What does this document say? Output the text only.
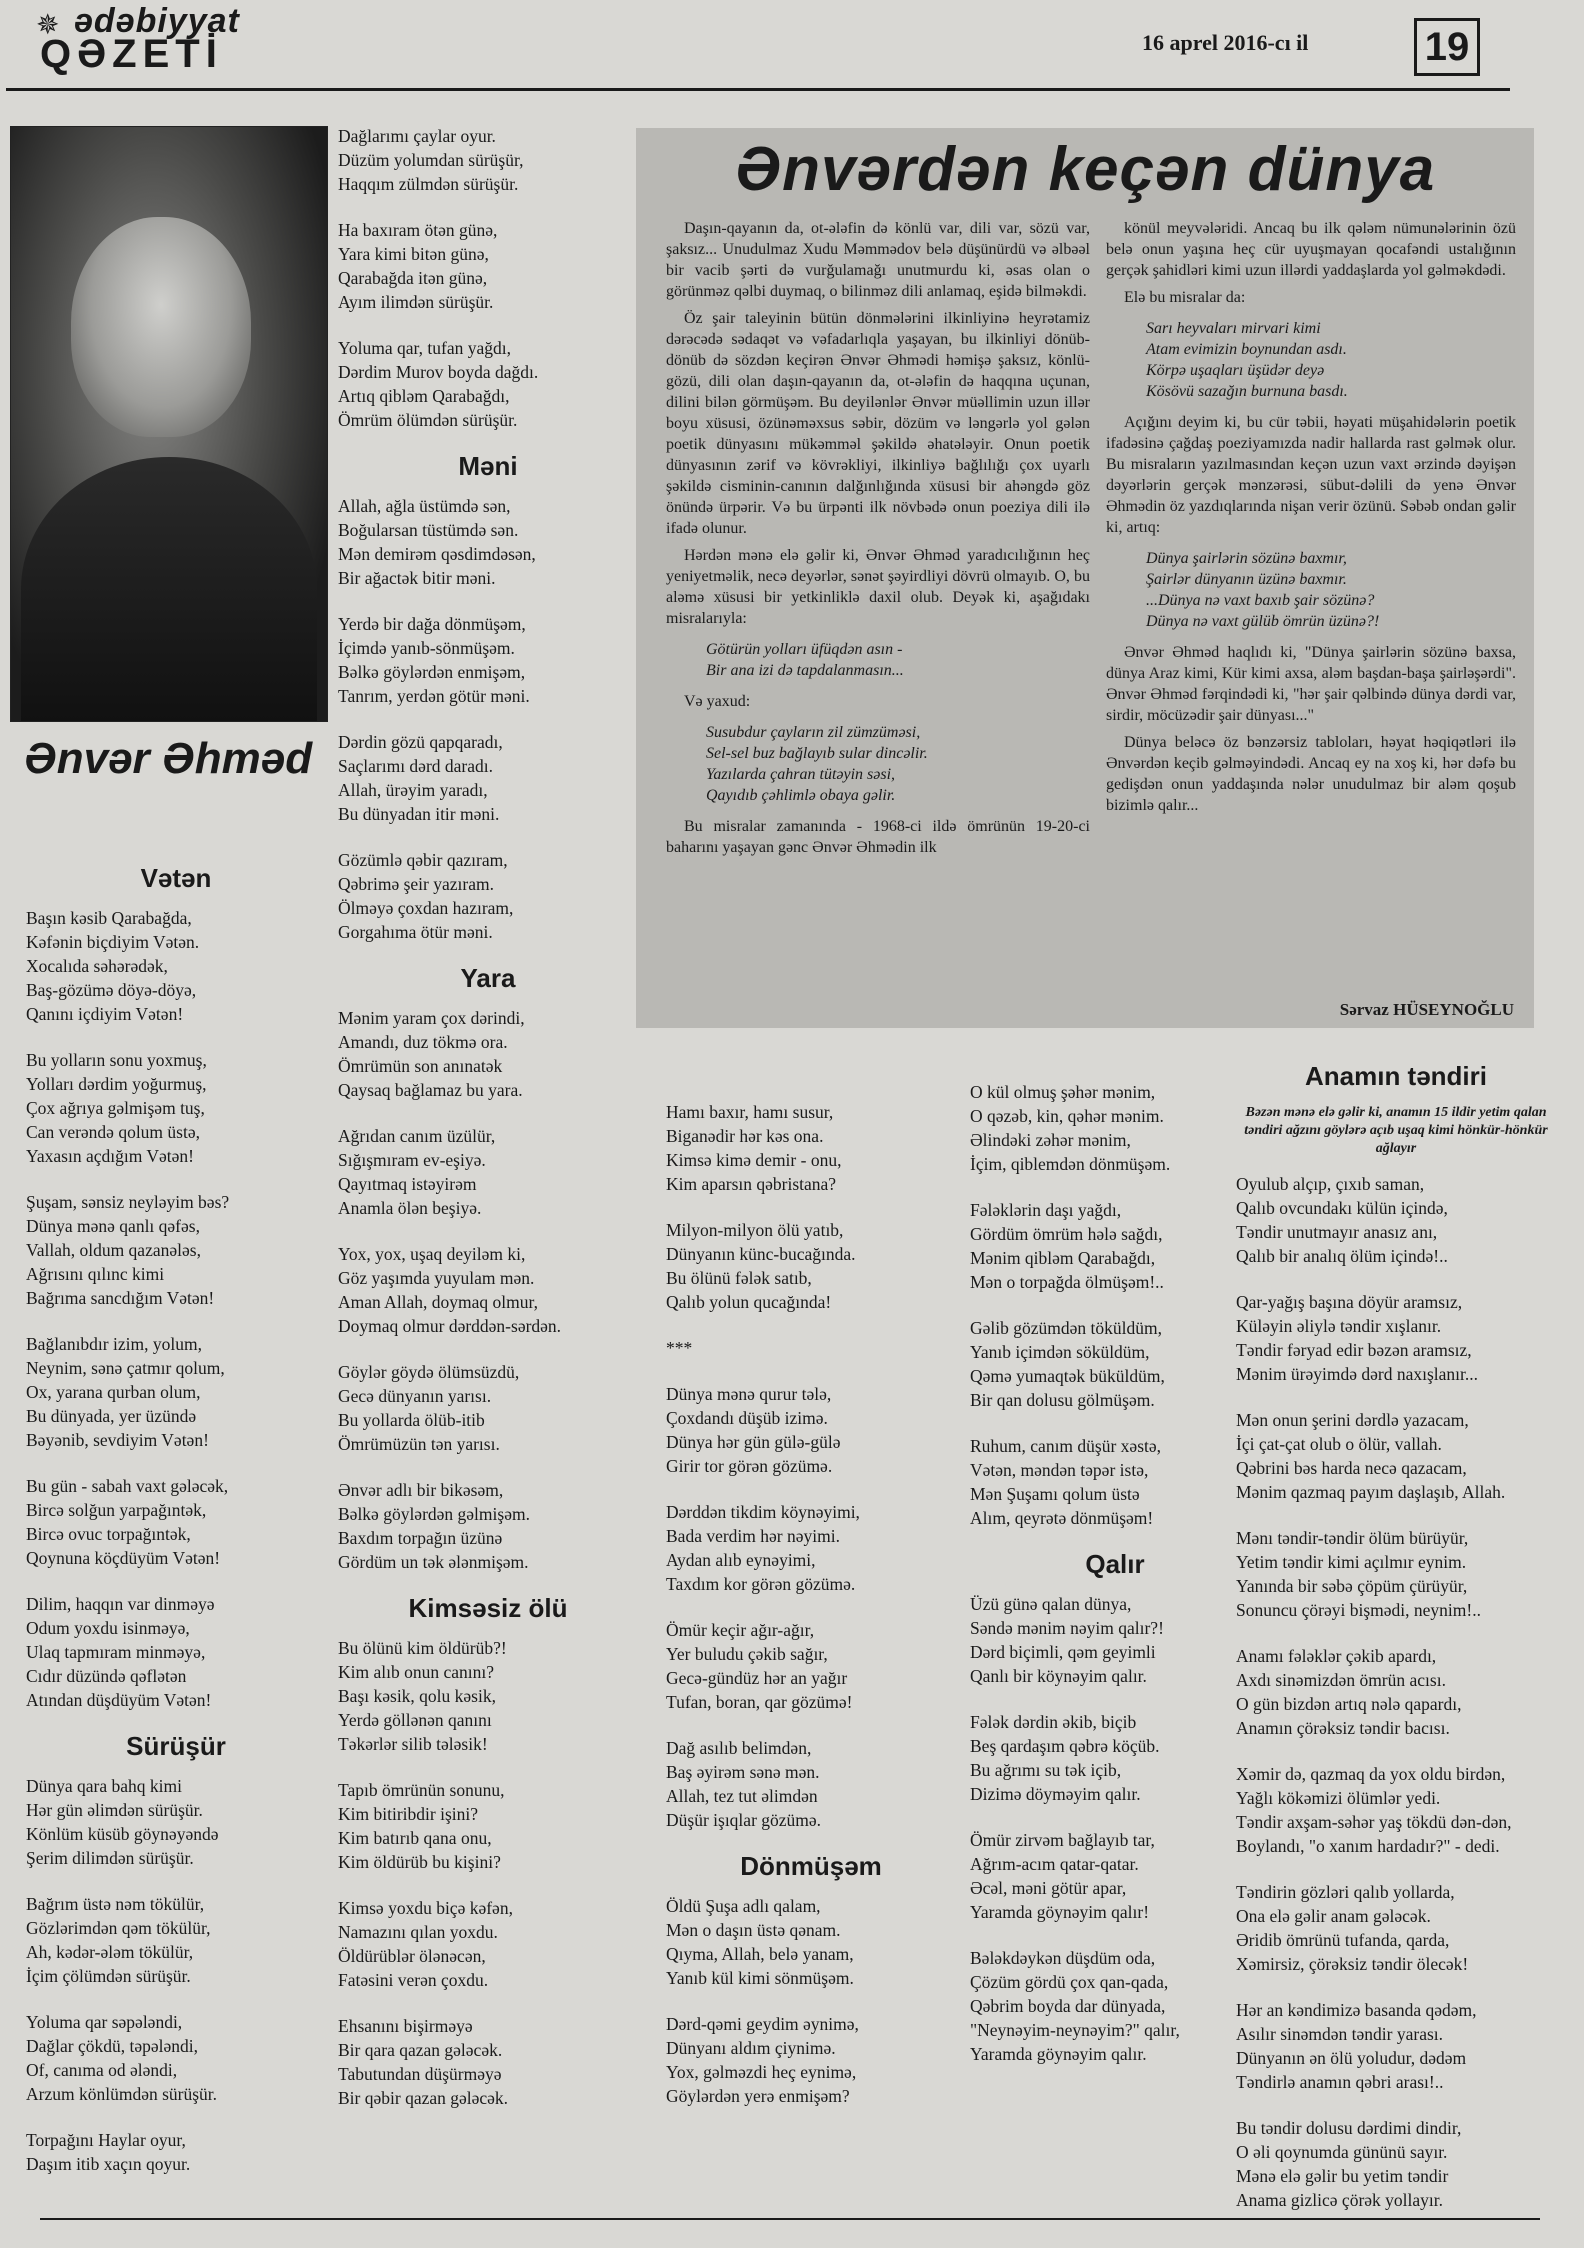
✵ ədəbiyyat
QƏZETİ	16 aprel 2016-cı il	19
Ənvər Əhməd
Vətən
Başın kəsib Qarabağda,
Kəfənin biçdiyim Vətən.
Xocalıda səhərədək,
Baş-gözümə döyə-döyə,
Qanını içdiyim Vətən!
Bu yolların sonu yoxmuş,
Yolları dərdim yoğurmuş,
Çox ağrıya gəlmişəm tuş,
Can verəndə qolum üstə,
Yaxasın açdığım Vətən!
Şuşam, sənsiz neyləyim bəs?
Dünya mənə qanlı qəfəs,
Vallah, oldum qazanələs,
Ağrısını qılınc kimi
Bağrıma sancdığım Vətən!
Bağlanıbdır izim, yolum,
Neynim, sənə çatmır qolum,
Ox, yarana qurban olum,
Bu dünyada, yer üzündə
Bəyənib, sevdiyim Vətən!
Bu gün - sabah vaxt gələcək,
Bircə solğun yarpağıntək,
Bircə ovuc torpağıntək,
Qoynuna köçdüyüm Vətən!
Dilim, haqqın var dinməyə
Odum yoxdu isinməyə,
Ulaq tapmıram minməyə,
Cıdır düzündə qəflətən
Atından düşdüyüm Vətən!
Sürüşür
Dünya qara bahq kimi
Hər gün əlimdən sürüşür.
Könlüm küsüb göynəyəndə
Şerim dilimdən sürüşür.
Bağrım üstə nəm tökülür,
Gözlərimdən qəm tökülür,
Ah, kədər-ələm tökülür,
İçim çölümdən sürüşür.
Yoluma qar səpələndi,
Dağlar çökdü, təpələndi,
Of, canıma od ələndi,
Arzum könlümdən sürüşür.
Torpağını Haylar oyur,
Daşım itib xaçın qoyur.
Dağlarımı çaylar oyur.
Düzüm yolumdan sürüşür,
Haqqım zülmdən sürüşür.
Ha baxıram ötən günə,
Yara kimi bitən günə,
Qarabağda itən günə,
Ayım ilimdən sürüşür.
Yoluma qar, tufan yağdı,
Dərdim Murov boyda dağdı.
Artıq qibləm Qarabağdı,
Ömrüm ölümdən sürüşür.
Məni
Allah, ağla üstümdə sən,
Boğularsan tüstümdə sən.
Mən demirəm qəsdimdəsən,
Bir ağactək bitir məni.
Yerdə bir dağa dönmüşəm,
İçimdə yanıb-sönmüşəm.
Bəlkə göylərdən enmişəm,
Tanrım, yerdən götür məni.
Dərdin gözü qapqaradı,
Saçlarımı dərd daradı.
Allah, ürəyim yaradı,
Bu dünyadan itir məni.
Gözümlə qəbir qazıram,
Qəbrimə şeir yazıram.
Ölməyə çoxdan hazıram,
Gorgahıma ötür məni.
Yara
Mənim yaram çox dərindi,
Amandı, duz tökmə ora.
Ömrümün son anınatək
Qaysaq bağlamaz bu yara.
Ağrıdan canım üzülür,
Sığışmıram ev-eşiyə.
Qayıtmaq istəyirəm
Anamla ölən beşiyə.
Yox, yox, uşaq deyiləm ki,
Göz yaşımda yuyulam mən.
Aman Allah, doymaq olmur,
Doymaq olmur dərddən-sərdən.
Göylər göydə ölümsüzdü,
Gecə dünyanın yarısı.
Bu yollarda ölüb-itib
Ömrümüzün tən yarısı.
Ənvər adlı bir bikəsəm,
Bəlkə göylərdən gəlmişəm.
Baxdım torpağın üzünə
Gördüm un tək ələnmişəm.
Kimsəsiz ölü
Bu ölünü kim öldürüb?!
Kim alıb onun canını?
Başı kəsik, qolu kəsik,
Yerdə göllənən qanını
Təkərlər silib tələsik!
Tapıb ömrünün sonunu,
Kim bitiribdir işini?
Kim batırıb qana onu,
Kim öldürüb bu kişini?
Kimsə yoxdu biçə kəfən,
Namazını qılan yoxdu.
Öldürüblər ölənəcən,
Fatəsini verən çoxdu.
Ehsanını bişirməyə
Bir qara qazan gələcək.
Tabutundan düşürməyə
Bir qəbir qazan gələcək.
Ənvərdən keçən dünya

Daşın-qayanın da, ot-ələfin də könlü var, dili var, sözü var, şaksız... Unudulmaz Xudu Məmmədov belə düşünürdü və əlbəəl bir vacib şərti də vurğulamağı unutmurdu ki, əsas olan o görünməz qəlbi duymaq, o bilinməz dili anlamaq, eşidə bilməkdi.

Öz şair taleyinin bütün dönmələrini ilkinliyinə heyrətamiz dərəcədə sədaqət və vəfadarlıqla yaşayan, bu ilkinliyi dönüb-dönüb də sözdən keçirən Ənvər Əhmədi həmişə şaksız, könlü-gözü, dili olan daşın-qayanın da, ot-ələfin də haqqına uçunan, dilini bilən görmüşəm. Bu deyilənlər Ənvər müəllimin uzun illər boyu xüsusi, özünəməxsus səbir, dözüm və ləngərlə yol gələn poetik dünyasını mükəmməl şəkildə əhatələyir. Onun poetik dünyasının zərif və kövrəkliyi, ilkinliyə bağlılığı çox uyarlı şəkildə cisminin-canının dalğınlığında xüsusi bir ahəngdə göz önündə ürpərir. Və bu ürpənti ilk növbədə onun poeziya dili ilə ifadə olunur.

Hərdən mənə elə gəlir ki, Ənvər Əhməd yaradıcılığının heç yeniyetməlik, necə deyərlər, sənət şəyirdliyi dövrü olmayıb. O, bu aləmə xüsusi bir yetkinliklə daxil olub. Deyək ki, aşağıdakı misralarıyla:

Götürün yolları üfüqdən asın -
Bir ana izi də tapdalanmasın...

Və yaxud:

Susubdur çayların zil zümzüməsi,
Sel-sel buz bağlayıb sular dincəlir.
Yazılarda çahran tütəyin səsi,
Qayıdıb çəhlimlə obaya gəlir.

Bu misralar zamanında - 1968-ci ildə ömrünün 19-20-ci baharını yaşayan gənc Ənvər Əhmədin ilk

könül meyvələridi. Ancaq bu ilk qələm nümunələrinin özü belə onun yaşına heç cür uyuşmayan qocafəndi ustalığının gerçək şahidləri kimi uzun illərdi yaddaşlarda yol gəlməkdədi.

Elə bu misralar da:

Sarı heyvaları mirvari kimi
Atam evimizin boynundan asdı.
Körpə uşaqları üşüdər deyə
Kösövü sazağın burnuna basdı.

Açığını deyim ki, bu cür təbii, həyati müşahidələrin poetik ifadəsinə çağdaş poeziyamızda nadir hallarda rast gəlmək olur. Bu misraların yazılmasından keçən uzun vaxt ərzində dəyişən dəyərlərin gerçək mənzərəsi, sübut-dəlili də yenə Ənvər Əhmədin öz yazdıqlarında nişan verir özünü. Səbəb ondan gəlir ki, artıq:

Dünya şairlərin sözünə baxmır,
Şairlər dünyanın üzünə baxmır.
...Dünya nə vaxt baxıb şair sözünə?
Dünya nə vaxt gülüb ömrün üzünə?!

Ənvər Əhməd haqlıdı ki, "Dünya şairlərin sözünə baxsa, dünya Araz kimi, Kür kimi axsa, aləm başdan-başa şairləşərdi". Ənvər Əhməd fərqindədi ki, "hər şair qəlbində dünya dərdi var, sirdir, möcüzədir şair dünyası..."

Dünya beləcə öz bənzərsiz tabloları, həyat həqiqətləri ilə Ənvərdən keçib gəlməyindədi. Ancaq ey na xoş ki, hər dəfə bu gedişdən onun yaddaşında nələr unudulmaz bir aləm qoşub bizimlə qalır...

Sərvaz HÜSEYNOĞLU
Hamı baxır, hamı susur,
Biganədir hər kəs ona.
Kimsə kimə demir - onu,
Kim aparsın qəbristana?
Milyon-milyon ölü yatıb,
Dünyanın künc-bucağında.
Bu ölünü fələk satıb,
Qalıb yolun qucağında!
***
Dünya mənə qurur tələ,
Çoxdandı düşüb izimə.
Dünya hər gün gülə-gülə
Girir tor görən gözümə.
Dərddən tikdim köynəyimi,
Bada verdim hər nəyimi.
Aydan alıb eynəyimi,
Taxdım kor görən gözümə.
Ömür keçir ağır-ağır,
Yer buludu çəkib sağır,
Gecə-gündüz hər an yağır
Tufan, boran, qar gözümə!
Dağ asılıb belimdən,
Baş əyirəm sənə mən.
Allah, tez tut əlimdən
Düşür işıqlar gözümə.
Dönmüşəm
Öldü Şuşa adlı qalam,
Mən o daşın üstə qənam.
Qıyma, Allah, belə yanam,
Yanıb kül kimi sönmüşəm.
Dərd-qəmi geydim əynimə,
Dünyanı aldım çiynimə.
Yox, gəlməzdi heç eynimə,
Göylərdən yerə enmişəm?
O kül olmuş şəhər mənim,
O qəzəb, kin, qəhər mənim.
Əlindəki zəhər mənim,
İçim, qiblemdən dönmüşəm.
Fələklərin daşı yağdı,
Gördüm ömrüm hələ sağdı,
Mənim qibləm Qarabağdı,
Mən o torpağda ölmüşəm!..
Gəlib gözümdən töküldüm,
Yanıb içimdən söküldüm,
Qəmə yumaqtək büküldüm,
Bir qan dolusu gölmüşəm.
Ruhum, canım düşür xəstə,
Vətən, məndən təpər istə,
Mən Şuşamı qolum üstə
Alım, qeyrətə dönmüşəm!
Qalır
Üzü günə qalan dünya,
Səndə mənim nəyim qalır?!
Dərd biçimli, qəm geyimli
Qanlı bir köynəyim qalır.
Fələk dərdin əkib, biçib
Beş qardaşım qəbrə köçüb.
Bu ağrımı su tək içib,
Dizimə döyməyim qalır.
Ömür zirvəm bağlayıb tar,
Ağrım-acım qatar-qatar.
Əcəl, məni götür apar,
Yaramda göynəyim qalır!
Bələkdəykən düşdüm oda,
Çözüm gördü çox qan-qada,
Qəbrim boyda dar dünyada,
"Neynəyim-neynəyim?" qalır,
Yaramda göynəyim qalır.
Anamın təndiri
Bəzən mənə elə gəlir ki, anamın 15 ildir yetim qalan təndiri ağzını göylərə açıb uşaq kimi hönkür-hönkür ağlayır
Oyulub alçıp, çıxıb saman,
Qalıb ovcundakı külün içində,
Təndir unutmayır anasız anı,
Qalıb bir analıq ölüm içində!..
Qar-yağış başına döyür aramsız,
Küləyin əliylə təndir xışlanır.
Təndir fəryad edir bəzən aramsız,
Mənim ürəyimdə dərd naxışlanır...
Mən onun şerini dərdlə yazacam,
İçi çat-çat olub o ölür, vallah.
Qəbrini bəs harda necə qazacam,
Mənim qazmaq payım daşlaşıb, Allah.
Mənı təndir-təndir ölüm bürüyür,
Yetim təndir kimi açılmır eynim.
Yanında bir səbə çöpüm çürüyür,
Sonuncu çörəyi bişmədi, neynim!..
Anamı fələklər çəkib apardı,
Axdı sinəmizdən ömrün acısı.
O gün bizdən artıq nələ qapardı,
Anamın çörəksiz təndir bacısı.
Xəmir də, qazmaq da yox oldu birdən,
Yağlı kökəmizi ölümlər yedi.
Təndir axşam-səhər yaş tökdü dən-dən,
Boylandı, "o xanım hardadır?" - dedi.
Təndirin gözləri qalıb yollarda,
Ona elə gəlir anam gələcək.
Əridib ömrünü tufanda, qarda,
Xəmirsiz, çörəksiz təndir ölecək!
Hər an kəndimizə basanda qədəm,
Asılır sinəmdən təndir yarası.
Dünyanın ən ölü yoludur, dədəm
Təndirlə anamın qəbri arası!..
Bu təndir dolusu dərdimi dindir,
O əli qoynumda gününü sayır.
Mənə elə gəlir bu yetim təndir
Anama gizlicə çörək yollayır.
